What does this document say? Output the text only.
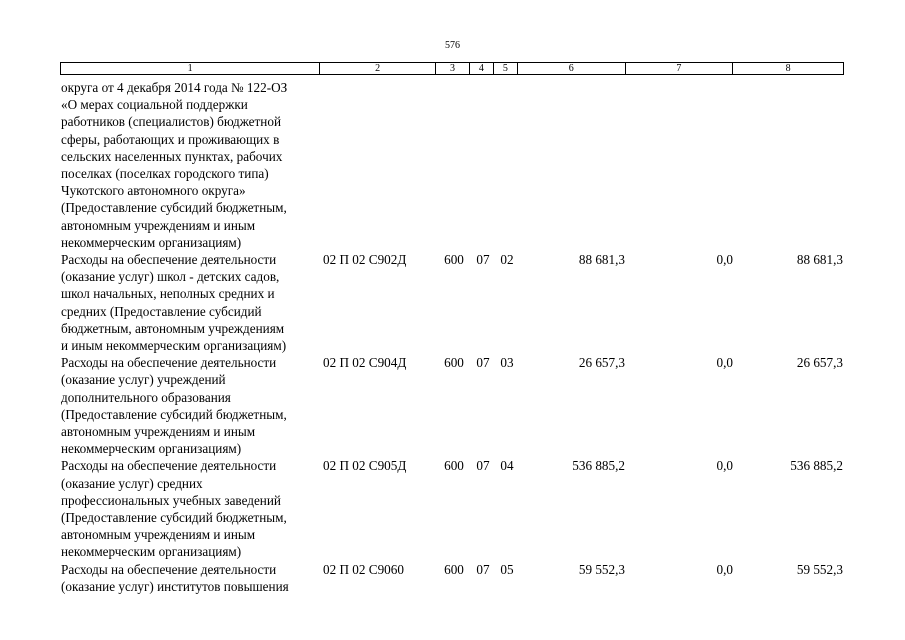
576
1	2	3	4	5	6	7	8
округа от 4 декабря 2014 года № 122-ОЗ
«О мерах социальной поддержки
работников (специалистов) бюджетной
сферы, работающих и проживающих в
сельских населенных пунктах, рабочих
поселках (поселках городского типа)
Чукотского автономного округа»
(Предоставление субсидий бюджетным,
автономным учреждениям и иным
некоммерческим организациям)
Расходы на обеспечение деятельности
(оказание услуг) школ - детских садов,
школ начальных, неполных средних и
средних (Предоставление субсидий
бюджетным, автономным учреждениям
и иным некоммерческим организациям)
02 П 02 С902Д	600 07 02	88 681,3	0,0	88 681,3
Расходы на обеспечение деятельности
(оказание услуг) учреждений
дополнительного образования
(Предоставление субсидий бюджетным,
автономным учреждениям и иным
некоммерческим организациям)
02 П 02 С904Д	600 07 03	26 657,3	0,0	26 657,3
Расходы на обеспечение деятельности
(оказание услуг) средних
профессиональных учебных заведений
(Предоставление субсидий бюджетным,
автономным учреждениям и иным
некоммерческим организациям)
02 П 02 С905Д	600 07 04	536 885,2	0,0	536 885,2
Расходы на обеспечение деятельности
(оказание услуг) институтов повышения
02 П 02 С9060	600 07 05	59 552,3	0,0	59 552,3
